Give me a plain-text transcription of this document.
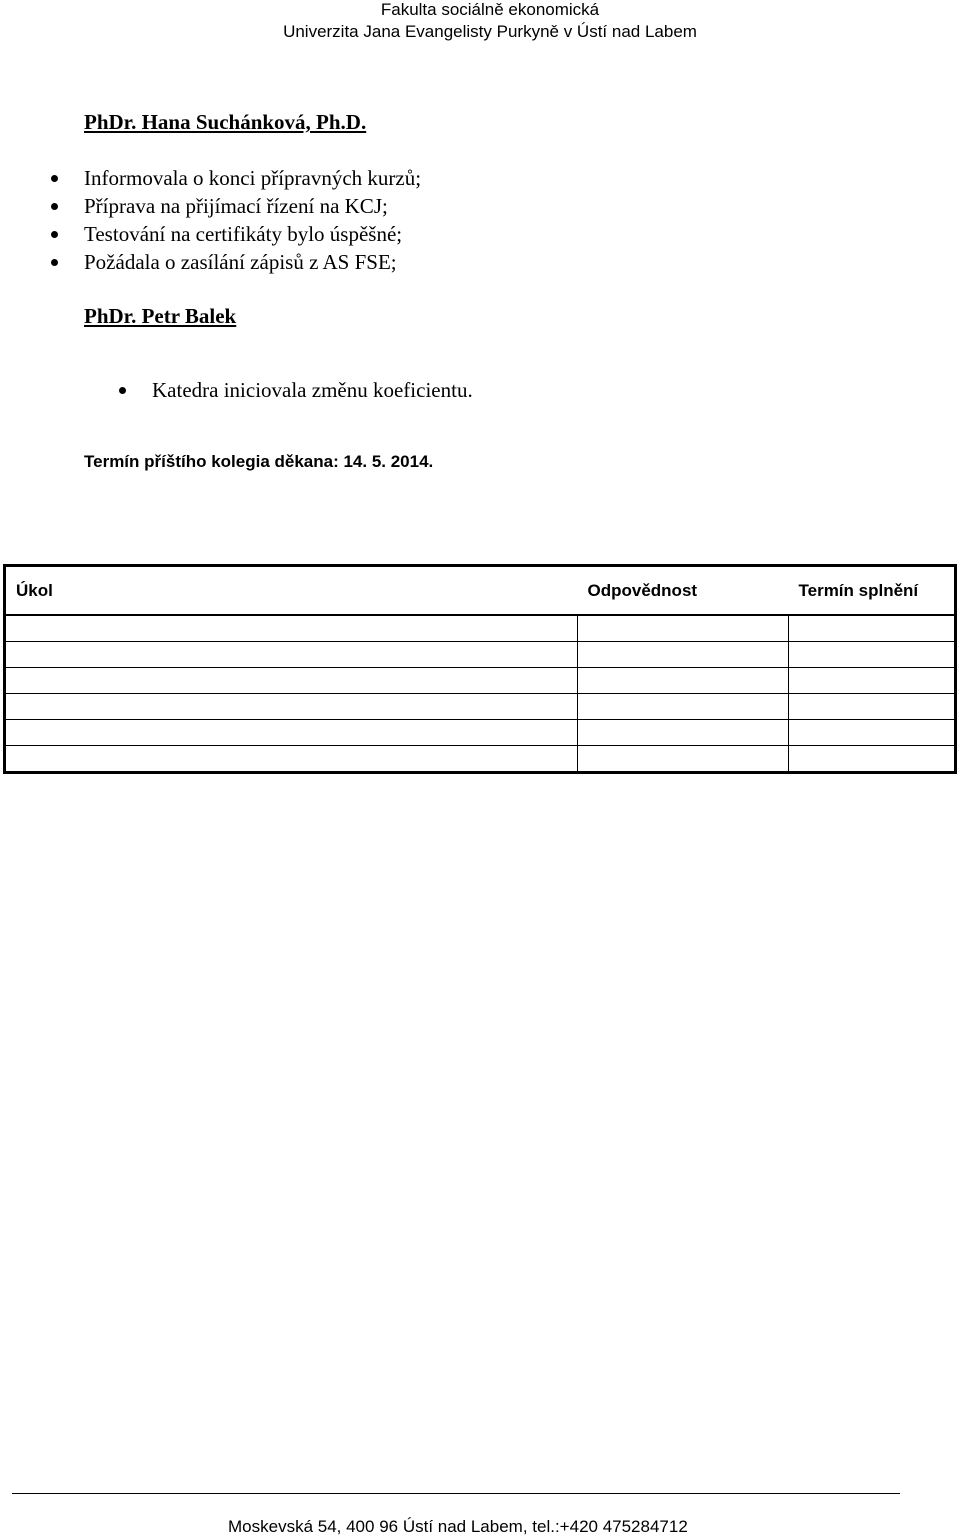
Fakulta sociálně ekonomická
Univerzita Jana Evangelisty Purkyně v Ústí nad Labem
PhDr. Hana Suchánková, Ph.D.
Informovala o konci přípravných kurzů;
Příprava na přijímací řízení na KCJ;
Testování na certifikáty bylo úspěšné;
Požádala o zasílání zápisů z AS FSE;
PhDr. Petr Balek
Katedra iniciovala změnu koeficientu.
Termín příštího kolegia děkana: 14. 5. 2014.
Úkol	Odpovědnost	Termín splnění

Moskevská 54, 400 96 Ústí nad Labem, tel.:+420 475284712
